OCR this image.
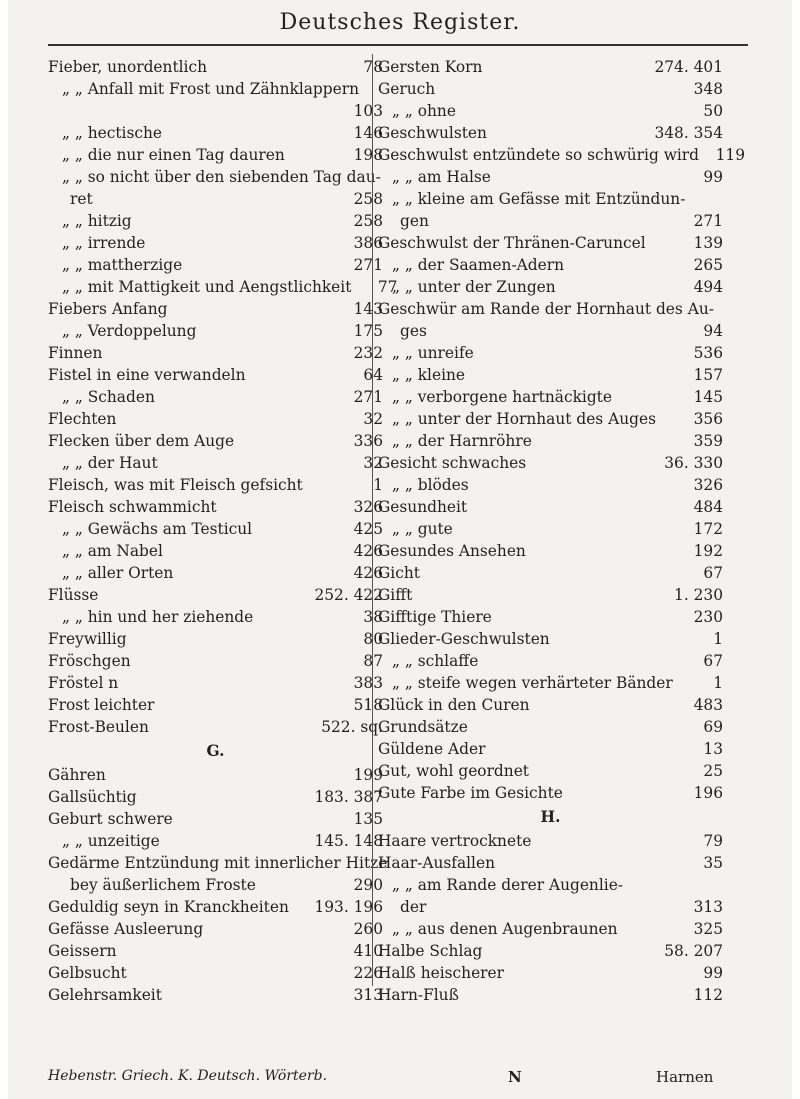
Deutsches Register.
Fieber, unordentlich	78
„ „ Anfall mit Frost und Zähnklappern
103
„ „ hectische	146
„ „ die nur einen Tag dauren	198
„ „ so nicht über den siebenden Tag dau-
ret	258
„ „ hitzig	258
„ „ irrende	386
„ „ mattherzige	271
„ „ mit Mattigkeit und Aengstlichkeit	77
Fiebers Anfang	143
„ „ Verdoppelung	175
Finnen	232
Fistel in eine verwandeln	64
„ „ Schaden	271
Flechten	32
Flecken über dem Auge	336
„ „ der Haut	32
Fleisch, was mit Fleisch gefsicht	1
Fleisch schwammicht	326
„ „ Gewächs am Testicul	425
„ „ am Nabel	426
„ „ aller Orten	426
Flüsse	252. 422
„ „ hin und her ziehende	38
Freywillig	80
Fröschgen	87
Fröstel n	383
Frost leichter	518
Frost-Beulen	522. sq.
G.
Gähren	199
Gallsüchtig	183. 387
Geburt schwere	135
„ „ unzeitige	145. 148
Gedärme Entzündung mit innerlicher Hitze
bey äußerlichem Froste	290
Geduldig seyn in Kranckheiten	193. 196
Gefässe Ausleerung	260
Geissern	410
Gelbsucht	226
Gelehrsamkeit	313
Gersten Korn	274. 401
Geruch	348
„ „ ohne	50
Geschwulsten	348. 354
Geschwulst entzündete so schwürig wird	119
„ „ am Halse	99
„ „ kleine am Gefässe mit Entzündun-
gen	271
Geschwulst der Thränen-Caruncel	139
„ „ der Saamen-Adern	265
„ „ unter der Zungen	494
Geschwür am Rande der Hornhaut des Au-
ges	94
„ „ unreife	536
„ „ kleine	157
„ „ verborgene hartnäckigte	145
„ „ unter der Hornhaut des Auges	356
„ „ der Harnröhre	359
Gesicht schwaches	36. 330
„ „ blödes	326
Gesundheit	484
„ „ gute	172
Gesundes Ansehen	192
Gicht	67
Gifft	1. 230
Gifftige Thiere	230
Glieder-Geschwulsten	1
„ „ schlaffe	67
„ „ steife wegen verhärteter Bänder	1
Glück in den Curen	483
Grundsätze	69
Güldene Ader	13
Gut, wohl geordnet	25
Gute Farbe im Gesichte	196
H.
Haare vertrocknete	79
Haar-Ausfallen	35
„ „ am Rande derer Augenlie-
der	313
„ „ aus denen Augenbraunen	325
Halbe Schlag	58. 207
Halß heischerer	99
Harn-Fluß	112
Hebenstr. Griech. K. Deutsch. Wörterb.	N	Harnen
